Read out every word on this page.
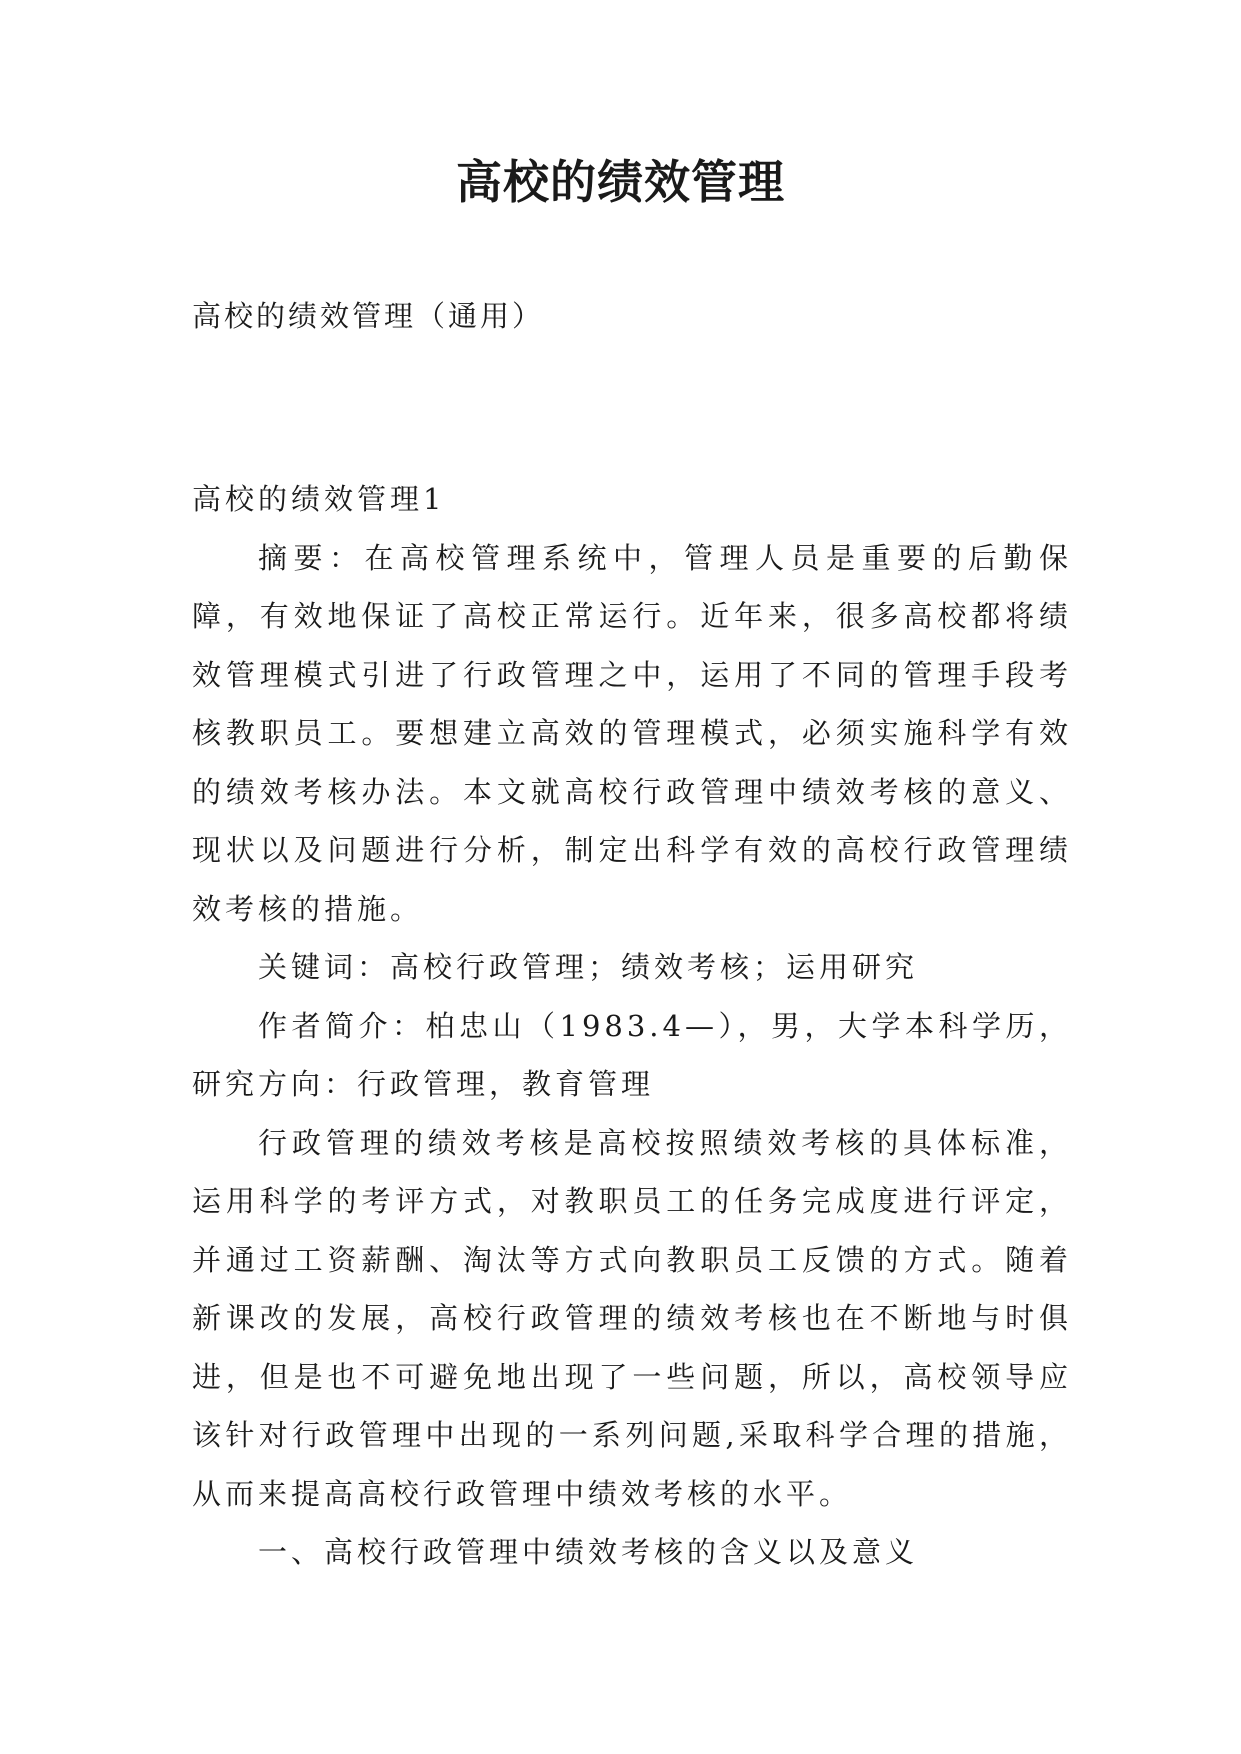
高校的绩效管理

高校的绩效管理（通用）

高校的绩效管理1

摘要：在高校管理系统中，管理人员是重要的后勤保障，有效地保证了高校正常运行。近年来，很多高校都将绩效管理模式引进了行政管理之中，运用了不同的管理手段考核教职员工。要想建立高效的管理模式，必须实施科学有效的绩效考核办法。本文就高校行政管理中绩效考核的意义、现状以及问题进行分析，制定出科学有效的高校行政管理绩效考核的措施。

关键词：高校行政管理；绩效考核；运用研究

作者简介：柏忠山（1983.4—），男，大学本科学历，研究方向：行政管理，教育管理

行政管理的绩效考核是高校按照绩效考核的具体标准，运用科学的考评方式，对教职员工的任务完成度进行评定，并通过工资薪酬、淘汰等方式向教职员工反馈的方式。随着新课改的发展，高校行政管理的绩效考核也在不断地与时俱进，但是也不可避免地出现了一些问题，所以，高校领导应该针对行政管理中出现的一系列问题,采取科学合理的措施，从而来提高高校行政管理中绩效考核的水平。

一、高校行政管理中绩效考核的含义以及意义
